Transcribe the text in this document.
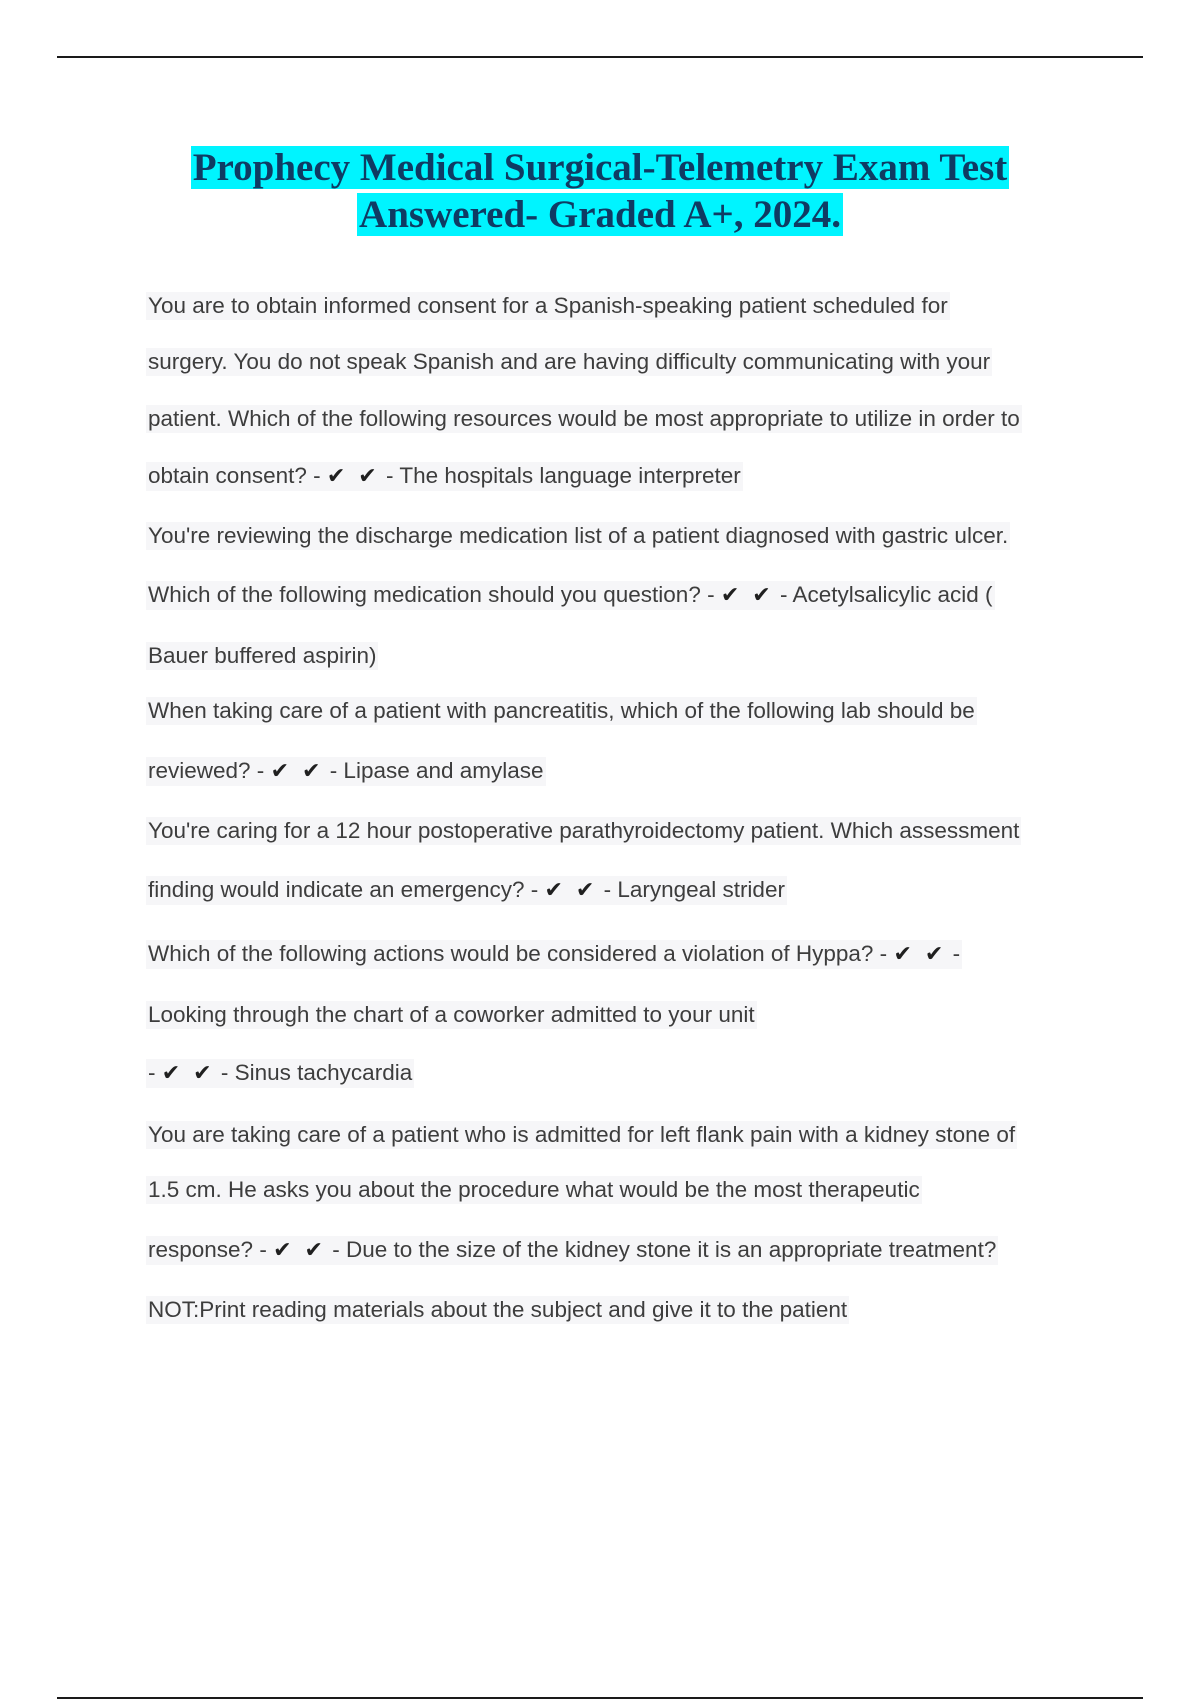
Prophecy Medical Surgical-Telemetry Exam Test
Answered- Graded A+, 2024.
You are to obtain informed consent for a Spanish-speaking patient scheduled for
surgery. You do not speak Spanish and are having difficulty communicating with your
patient. Which of the following resources would be most appropriate to utilize in order to
obtain consent? - ✔ ✔ - The hospitals language interpreter
You're reviewing the discharge medication list of a patient diagnosed with gastric ulcer.
Which of the following medication should you question? - ✔ ✔ - Acetylsalicylic acid (
Bauer buffered aspirin)
When taking care of a patient with pancreatitis, which of the following lab should be
reviewed? - ✔ ✔ - Lipase and amylase
You're caring for a 12 hour postoperative parathyroidectomy patient. Which assessment
finding would indicate an emergency? - ✔ ✔ - Laryngeal strider
Which of the following actions would be considered a violation of Hyppa? - ✔ ✔ -
Looking through the chart of a coworker admitted to your unit
- ✔ ✔ - Sinus tachycardia
You are taking care of a patient who is admitted for left flank pain with a kidney stone of
1.5 cm. He asks you about the procedure what would be the most therapeutic
response? - ✔ ✔ - Due to the size of the kidney stone it is an appropriate treatment?
NOT:Print reading materials about the subject and give it to the patient
